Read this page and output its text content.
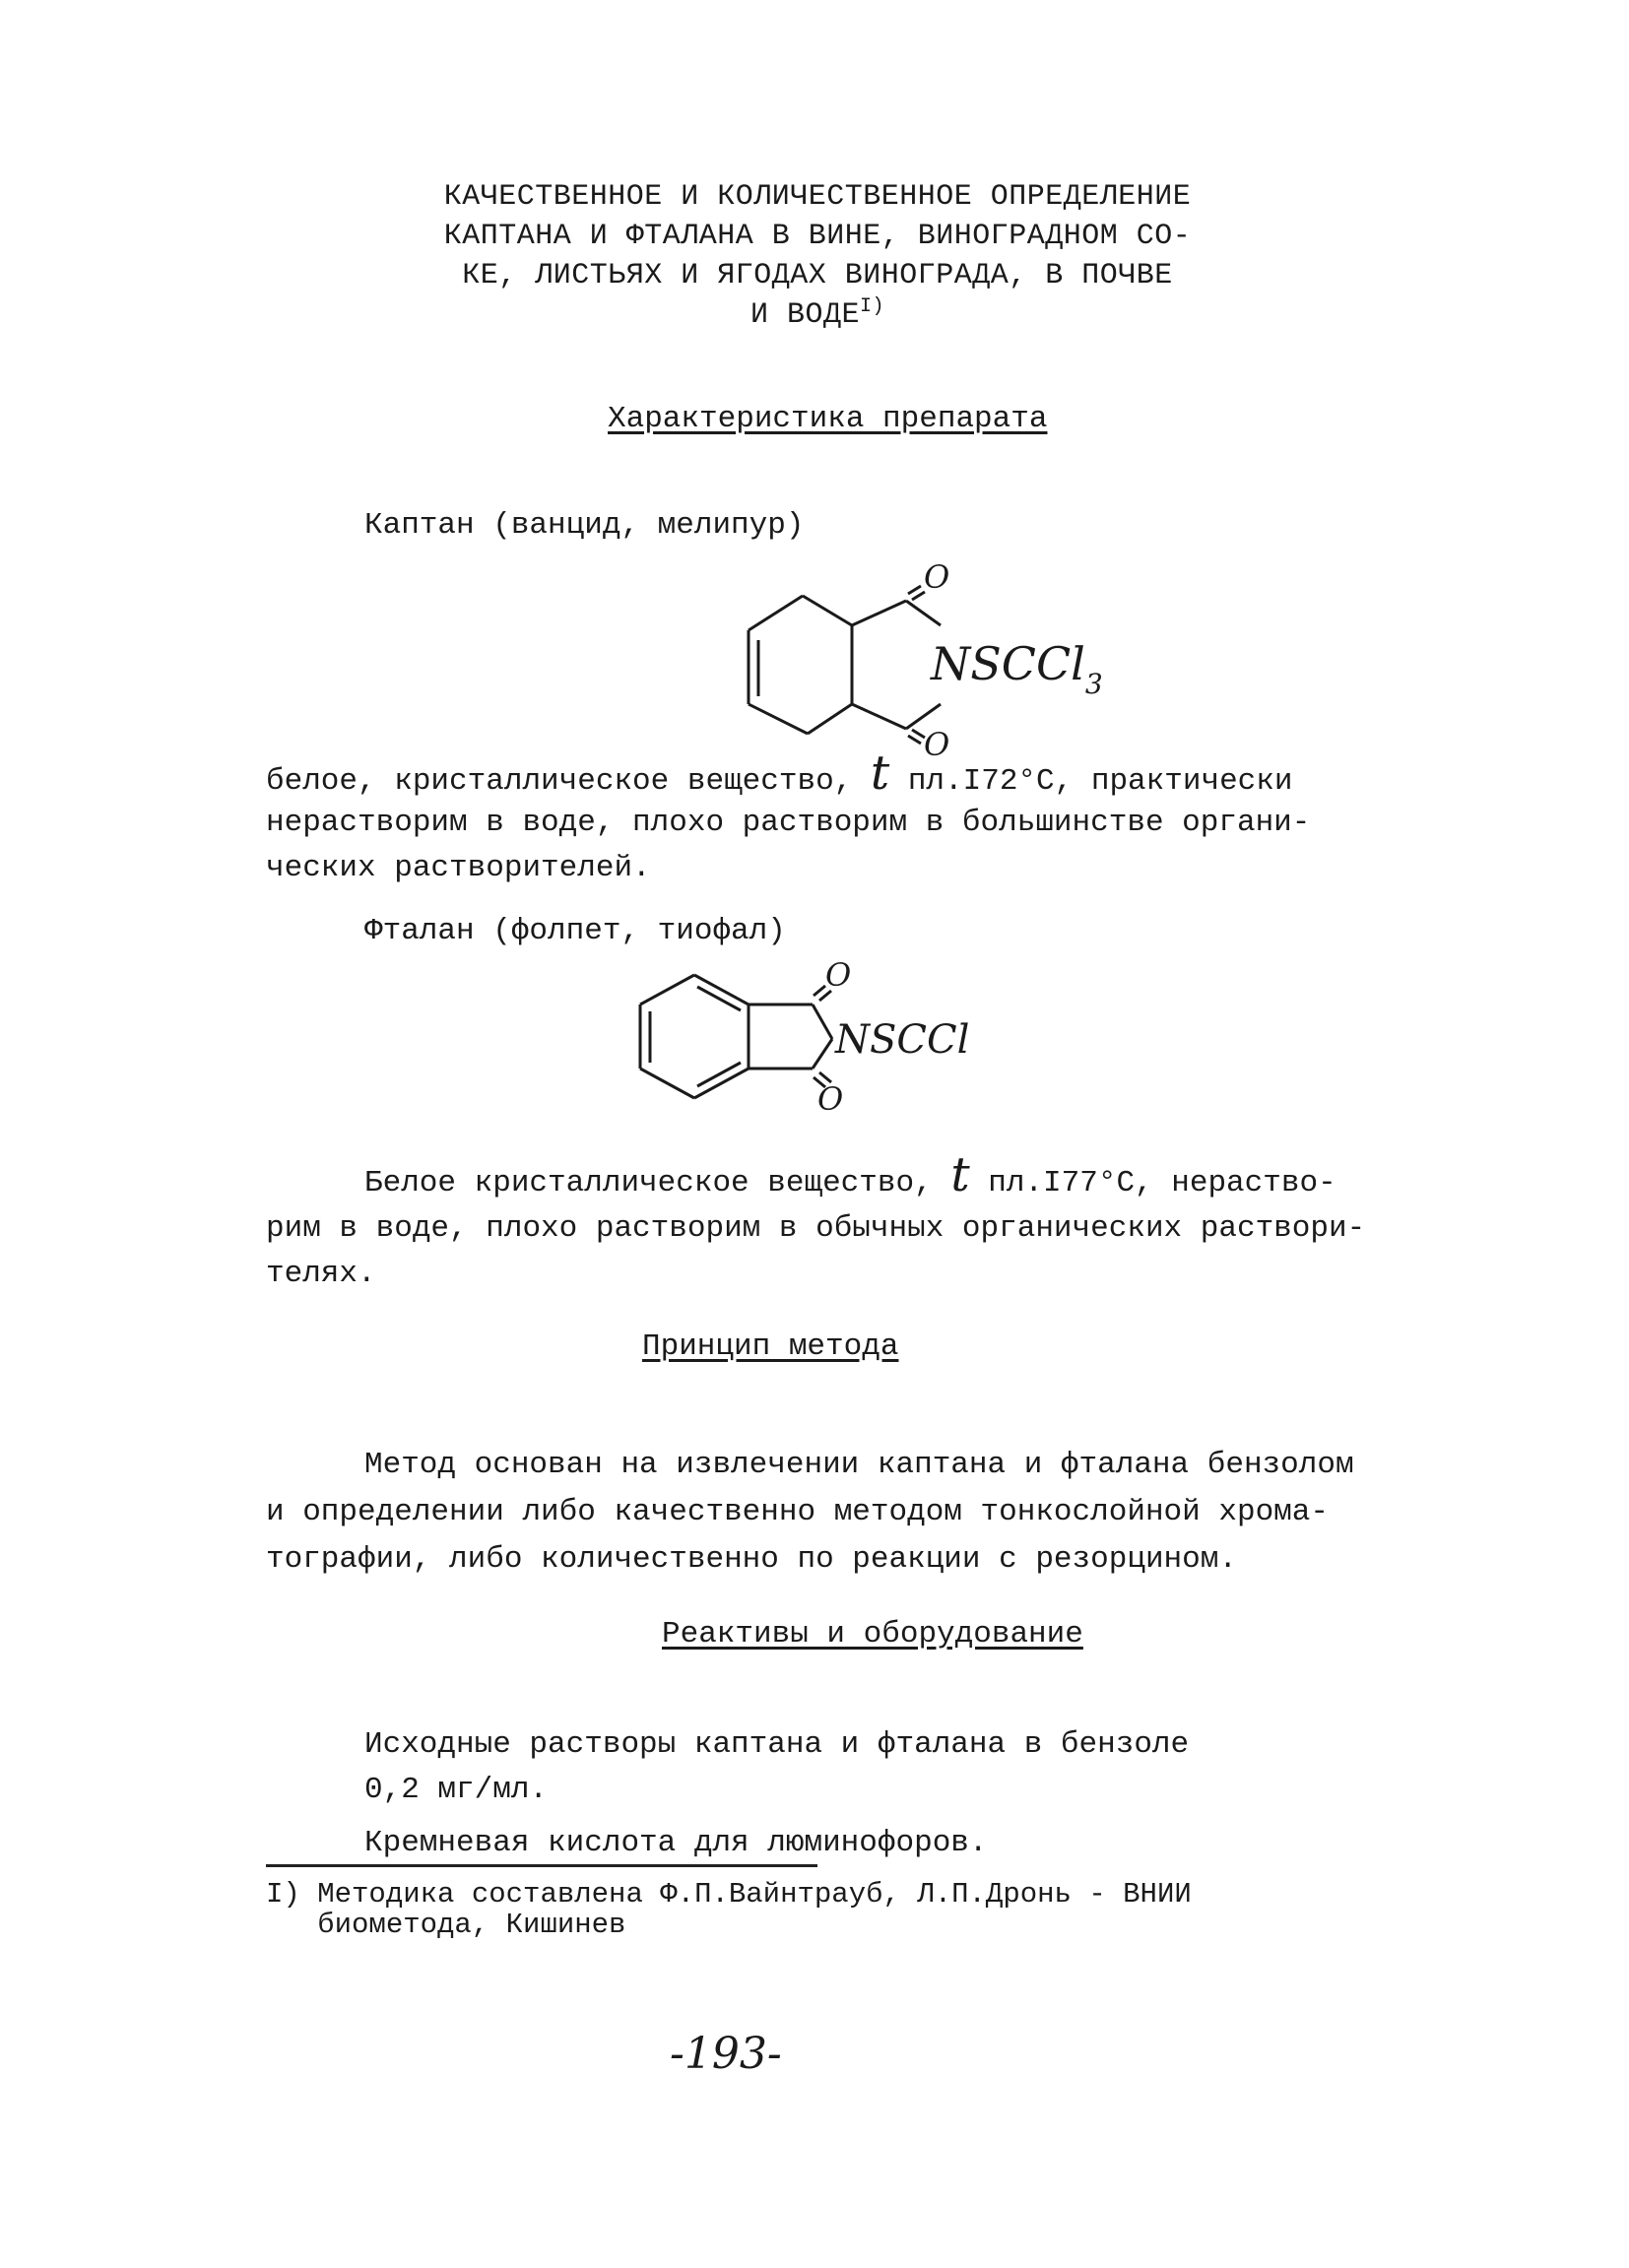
КАЧЕСТВЕННОЕ И КОЛИЧЕСТВЕННОЕ ОПРЕДЕЛЕНИЕ
КАПТАНА И ФТАЛАНА В ВИНЕ, ВИНОГРАДНОМ СО-
КЕ, ЛИСТЬЯХ И ЯГОДАХ ВИНОГРАДА, В ПОЧВЕ
И $ВОДЕ^{I)}$
Характеристика препарата
Каптан (ванцид, мелипур)
O
O
NSCCl$_3$
белое, кристаллическое вещество, t пл.I72°C, практически
нерастворим в воде, плохо растворим в большинстве органи-
ческих растворителей.
Фталан (фолпет, тиофал)
O
O
NSCCl
Белое кристаллическое вещество, t пл.I77°C, нераство-
рим в воде, плохо растворим в обычных органических раствори-
телях.
Принцип метода
Метод основан на извлечении каптана и фталана бензолом
и определении либо качественно методом тонкослойной хрома-
тографии, либо количественно по реакции с резорцином.
Реактивы и оборудование
Исходные растворы каптана и фталана в бензоле
0,2 мг/мл.
Кремневая кислота для люминофоров.
I) Методика составлена Ф.П.Вайнтрауб, Л.П.Дронь - ВНИИ
биометода, Кишинев
-193-
